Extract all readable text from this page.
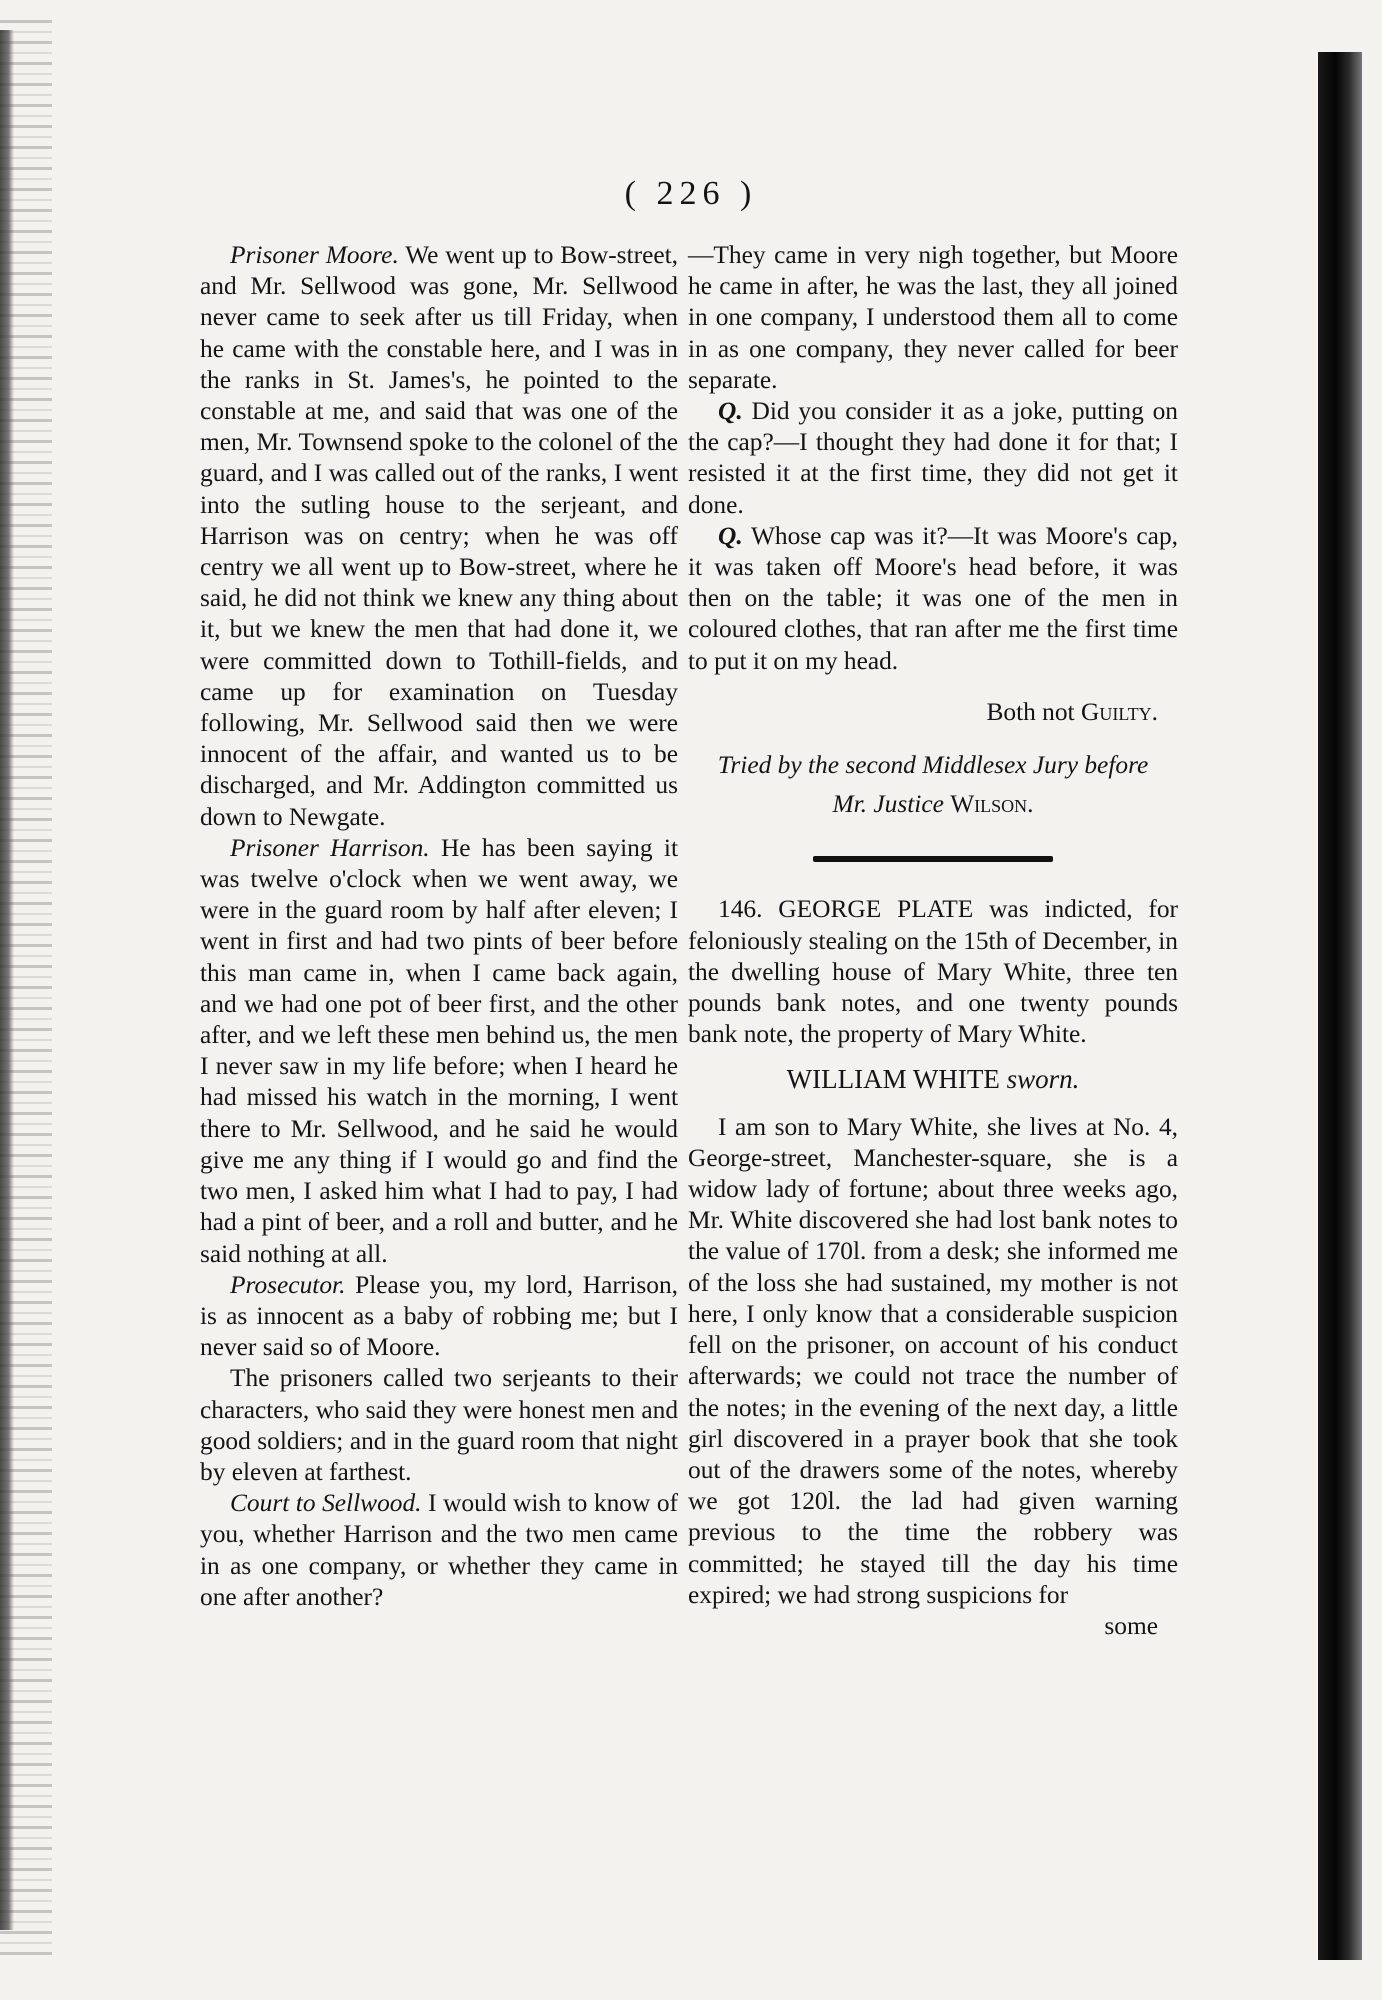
( 226 )

Prisoner Moore. We went up to Bow-street, and Mr. Sellwood was gone, Mr. Sellwood never came to seek after us till Friday, when he came with the constable here, and I was in the ranks in St. James's, he pointed to the constable at me, and said that was one of the men, Mr. Townsend spoke to the colonel of the guard, and I was called out of the ranks, I went into the sutling house to the serjeant, and Harrison was on centry; when he was off centry we all went up to Bow-street, where he said, he did not think we knew any thing about it, but we knew the men that had done it, we were committed down to Tothill-fields, and came up for examination on Tuesday following, Mr. Sellwood said then we were innocent of the affair, and wanted us to be discharged, and Mr. Addington committed us down to Newgate.

Prisoner Harrison. He has been saying it was twelve o'clock when we went away, we were in the guard room by half after eleven; I went in first and had two pints of beer before this man came in, when I came back again, and we had one pot of beer first, and the other after, and we left these men behind us, the men I never saw in my life before; when I heard he had missed his watch in the morning, I went there to Mr. Sellwood, and he said he would give me any thing if I would go and find the two men, I asked him what I had to pay, I had had a pint of beer, and a roll and butter, and he said nothing at all.

Prosecutor. Please you, my lord, Harrison, is as innocent as a baby of robbing me; but I never said so of Moore.

The prisoners called two serjeants to their characters, who said they were honest men and good soldiers; and in the guard room that night by eleven at farthest.

Court to Sellwood. I would wish to know of you, whether Harrison and the two men came in as one company, or whether they came in one after another?

—They came in very nigh together, but Moore he came in after, he was the last, they all joined in one company, I understood them all to come in as one company, they never called for beer separate.

Q. Did you consider it as a joke, putting on the cap?—I thought they had done it for that; I resisted it at the first time, they did not get it done.

Q. Whose cap was it?—It was Moore's cap, it was taken off Moore's head before, it was then on the table; it was one of the men in coloured clothes, that ran after me the first time to put it on my head.

Both not Guilty.

Tried by the second Middlesex Jury before

Mr. Justice Wilson.

146. GEORGE PLATE was indicted, for feloniously stealing on the 15th of December, in the dwelling house of Mary White, three ten pounds bank notes, and one twenty pounds bank note, the property of Mary White.

WILLIAM WHITE sworn.

I am son to Mary White, she lives at No. 4, George-street, Manchester-square, she is a widow lady of fortune; about three weeks ago, Mr. White discovered she had lost bank notes to the value of 170l. from a desk; she informed me of the loss she had sustained, my mother is not here, I only know that a considerable suspicion fell on the prisoner, on account of his conduct afterwards; we could not trace the number of the notes; in the evening of the next day, a little girl discovered in a prayer book that she took out of the drawers some of the notes, whereby we got 120l. the lad had given warning previous to the time the robbery was committed; he stayed till the day his time expired; we had strong suspicions for

some
